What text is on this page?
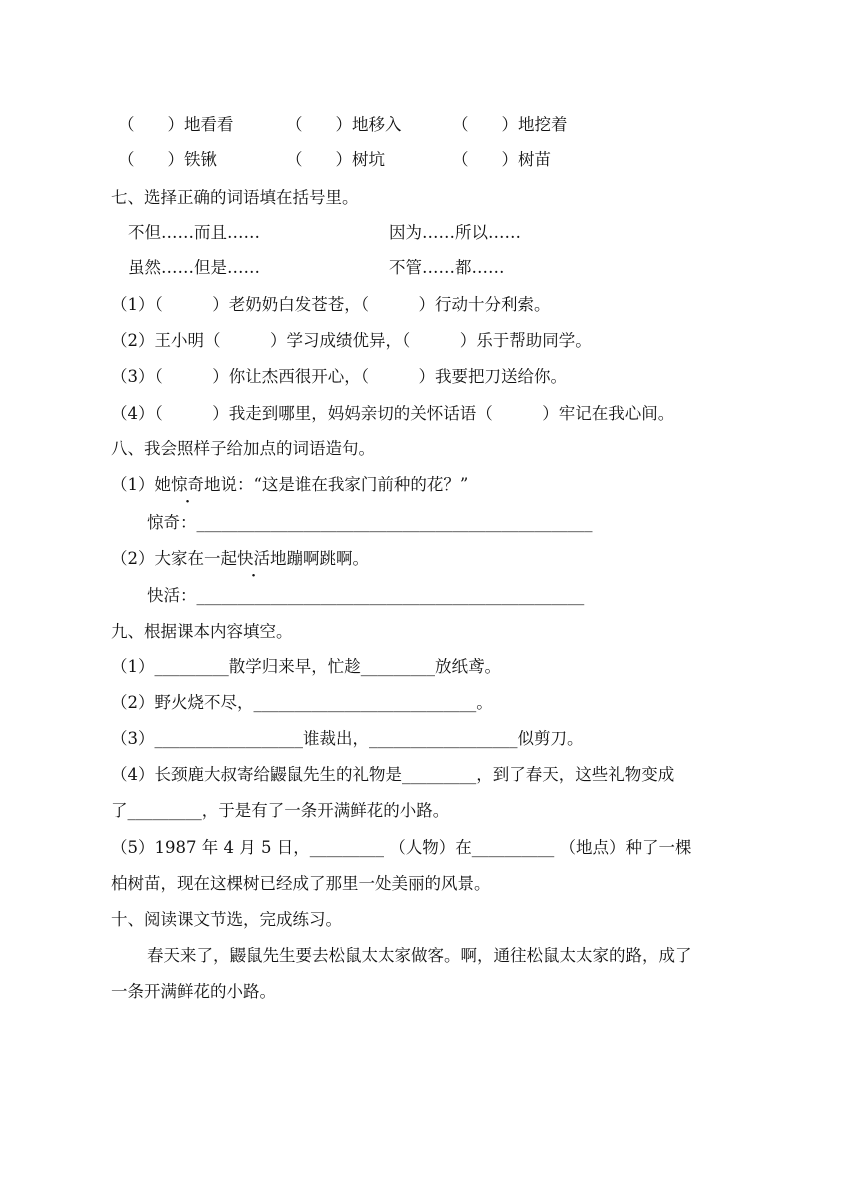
（　　）地看看	（　　）地移入	（　　）地挖着
（　　）铁锹	（　　）树坑	（　　）树苗
七、选择正确的词语填在括号里。
不但……而且……	因为……所以……
虽然……但是……	不管……都……
（1）（　　　）老奶奶白发苍苍，（　　　）行动十分利索。
（2）王小明（　　　）学习成绩优异，（　　　）乐于帮助同学。
（3）（　　　）你让杰西很开心，（　　　）我要把刀送给你。
（4）（　　　）我走到哪里，妈妈亲切的关怀话语（　　　）牢记在我心间。
八、我会照样子给加点的词语造句。
（1）她惊奇地说：“这是谁在我家门前种的花？”
惊奇：________________________________________________
（2）大家在一起快活地蹦啊跳啊。
快活：_______________________________________________
九、根据课本内容填空。
（1）_________散学归来早，忙趁_________放纸鸢。
（2）野火烧不尽，___________________________。
（3）__________________谁裁出，__________________似剪刀。
（4）长颈鹿大叔寄给鼹鼠先生的礼物是_________，到了春天，这些礼物变成
了_________，于是有了一条开满鲜花的小路。
（5）1987 年 4 月 5 日，_________ （人物）在__________ （地点）种了一棵
柏树苗，现在这棵树已经成了那里一处美丽的风景。
十、阅读课文节选，完成练习。
春天来了，鼹鼠先生要去松鼠太太家做客。啊，通往松鼠太太家的路，成了
一条开满鲜花的小路。
